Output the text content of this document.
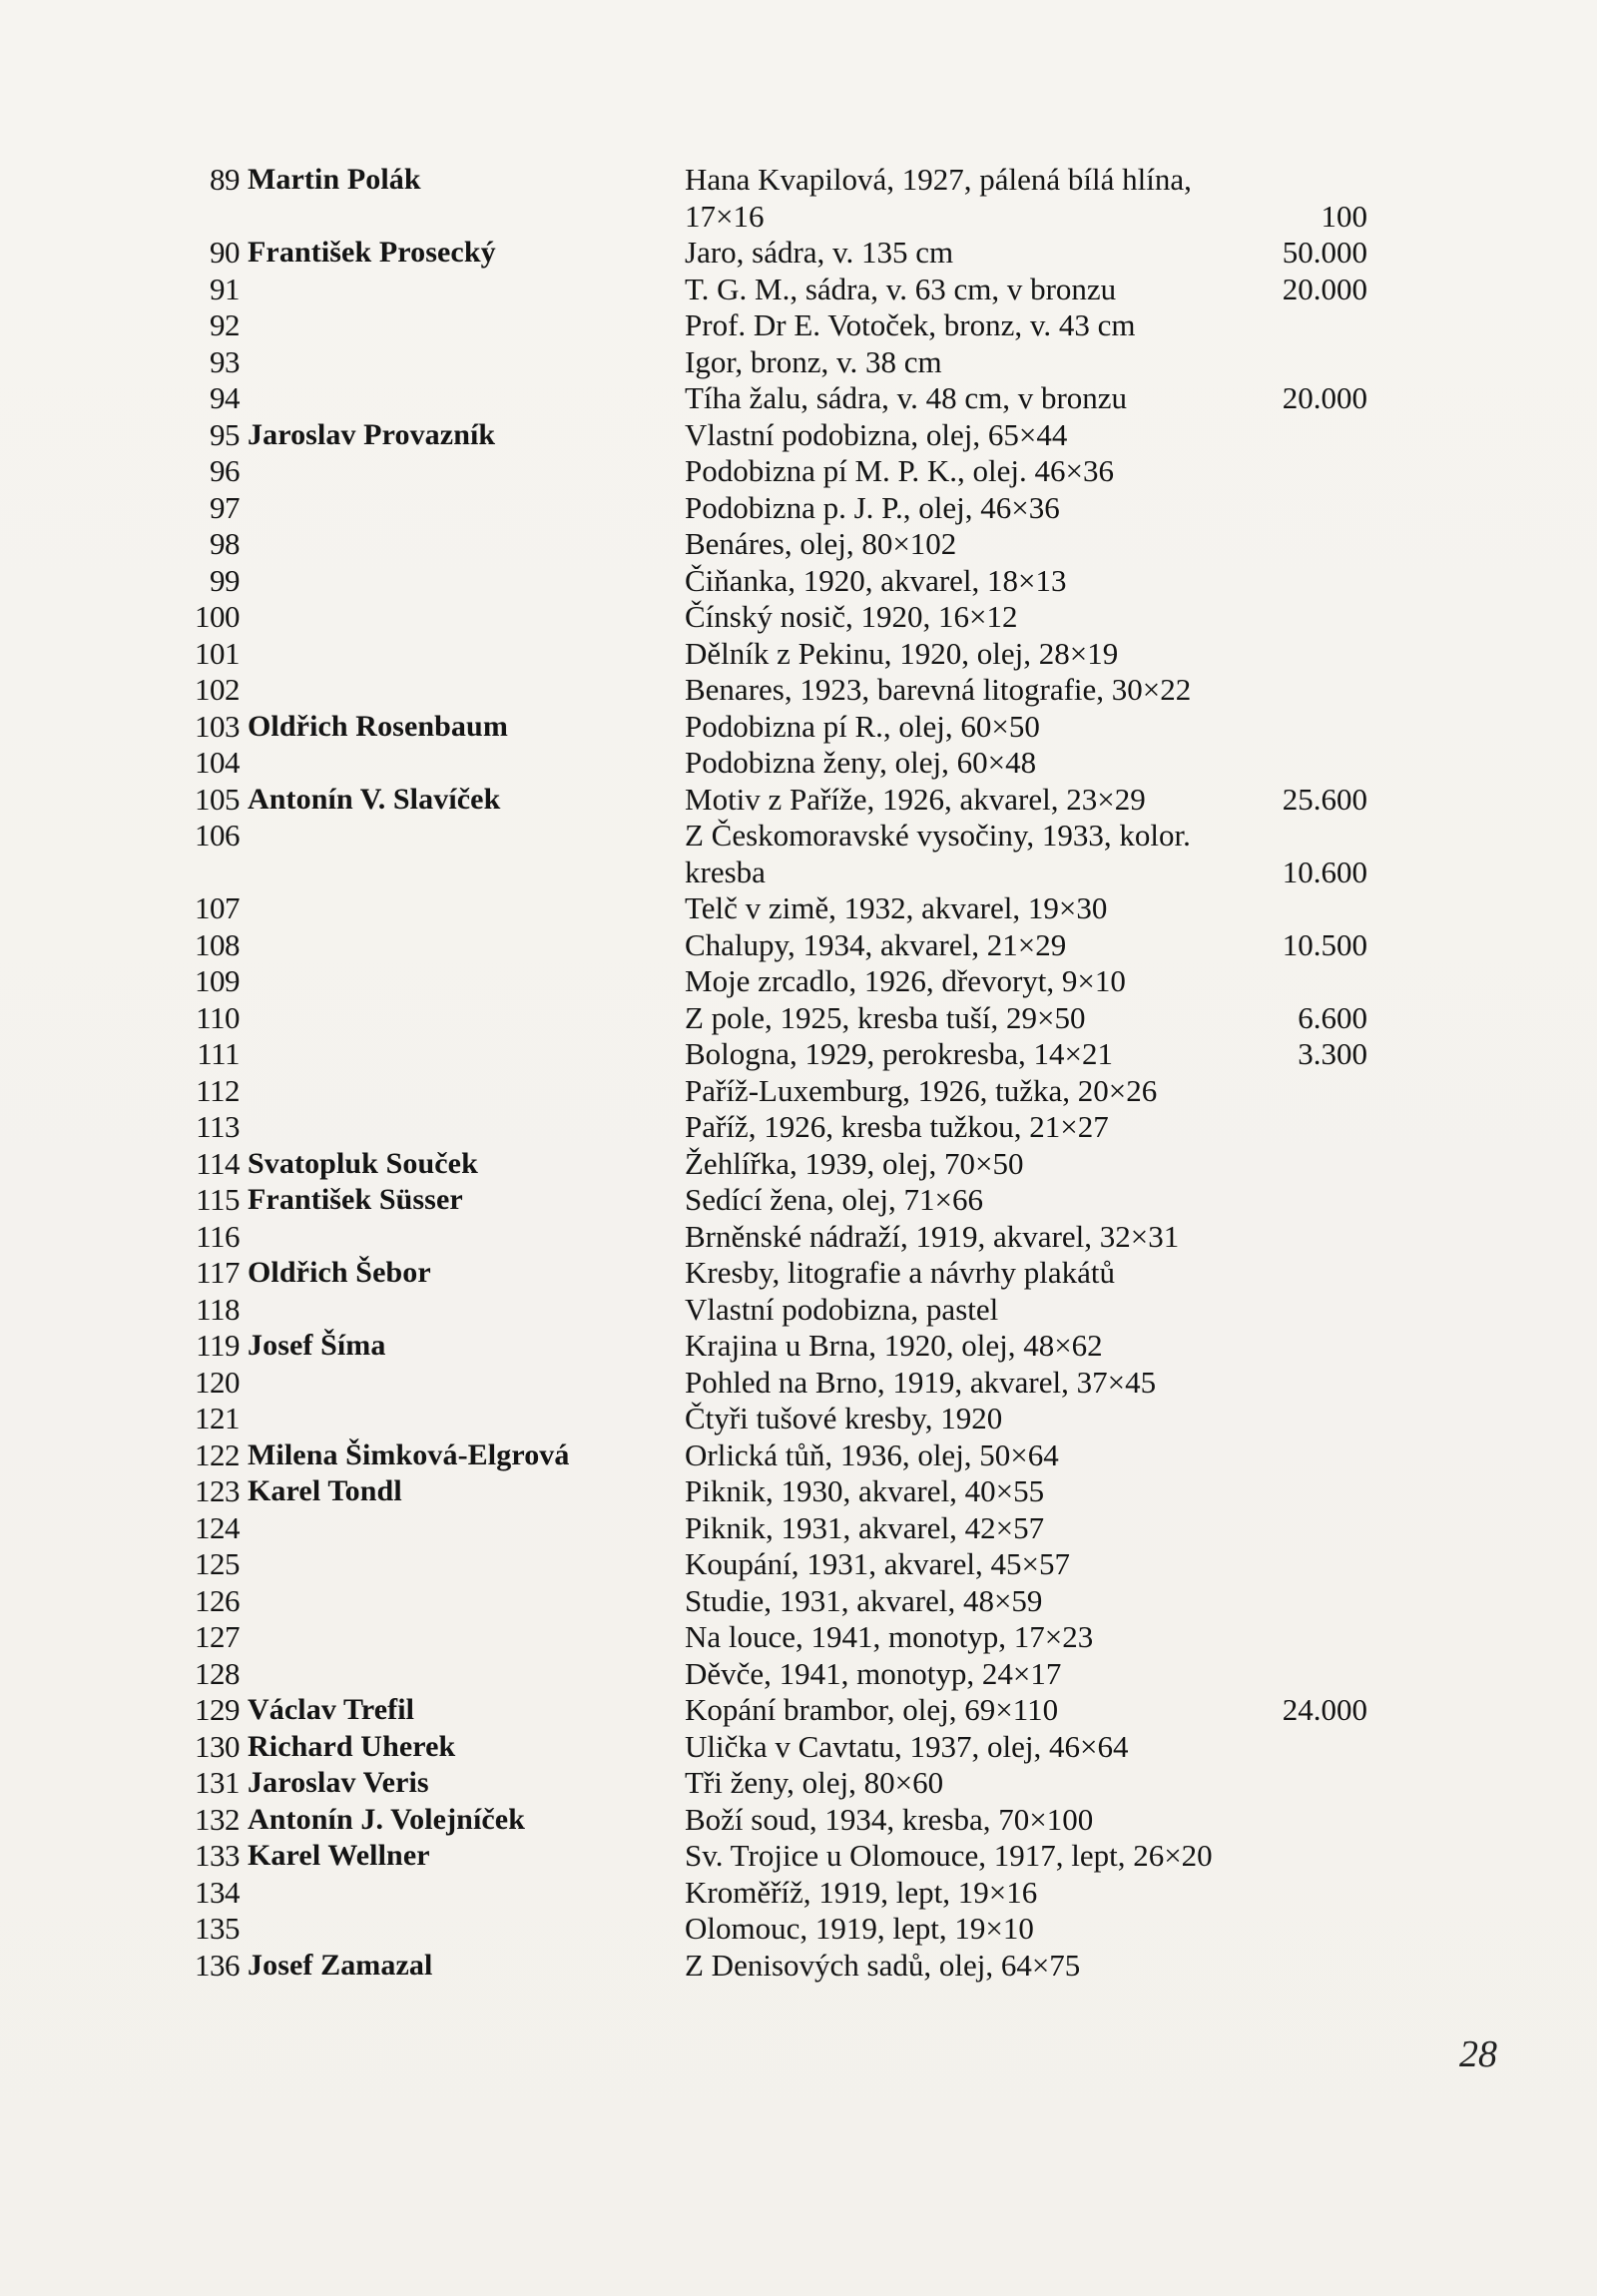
89 Martin Polák	Hana Kvapilová, 1927, pálená bílá hlína,
17×16	100
90 František Prosecký	Jaro, sádra, v. 135 cm	50.000
91	T. G. M., sádra, v. 63 cm, v bronzu	20.000
92	Prof. Dr E. Votoček, bronz, v. 43 cm
93	Igor, bronz, v. 38 cm
94	Tíha žalu, sádra, v. 48 cm, v bronzu	20.000
95 Jaroslav Provazník	Vlastní podobizna, olej, 65×44
96	Podobizna pí M. P. K., olej. 46×36
97	Podobizna p. J. P., olej, 46×36
98	Benáres, olej, 80×102
99	Čiňanka, 1920, akvarel, 18×13
100	Čínský nosič, 1920, 16×12
101	Dělník z Pekinu, 1920, olej, 28×19
102	Benares, 1923, barevná litografie, 30×22
103 Oldřich Rosenbaum	Podobizna pí R., olej, 60×50
104	Podobizna ženy, olej, 60×48
105 Antonín V. Slavíček	Motiv z Paříže, 1926, akvarel, 23×29	25.600
106	Z Českomoravské vysočiny, 1933, kolor.
kresba	10.600
107	Telč v zimě, 1932, akvarel, 19×30
108	Chalupy, 1934, akvarel, 21×29	10.500
109	Moje zrcadlo, 1926, dřevoryt, 9×10
110	Z pole, 1925, kresba tuší, 29×50	6.600
111	Bologna, 1929, perokresba, 14×21	3.300
112	Paříž-Luxemburg, 1926, tužka, 20×26
113	Paříž, 1926, kresba tužkou, 21×27
114 Svatopluk Souček	Žehlířka, 1939, olej, 70×50
115 František Süsser	Sedící žena, olej, 71×66
116	Brněnské nádraží, 1919, akvarel, 32×31
117 Oldřich Šebor	Kresby, litografie a návrhy plakátů
118	Vlastní podobizna, pastel
119 Josef Šíma	Krajina u Brna, 1920, olej, 48×62
120	Pohled na Brno, 1919, akvarel, 37×45
121	Čtyři tušové kresby, 1920
122 Milena Šimková-Elgrová	Orlická tůň, 1936, olej, 50×64
123 Karel Tondl	Piknik, 1930, akvarel, 40×55
124	Piknik, 1931, akvarel, 42×57
125	Koupání, 1931, akvarel, 45×57
126	Studie, 1931, akvarel, 48×59
127	Na louce, 1941, monotyp, 17×23
128	Děvče, 1941, monotyp, 24×17
129 Václav Trefil	Kopání brambor, olej, 69×110	24.000
130 Richard Uherek	Ulička v Cavtatu, 1937, olej, 46×64
131 Jaroslav Veris	Tři ženy, olej, 80×60
132 Antonín J. Volejníček	Boží soud, 1934, kresba, 70×100
133 Karel Wellner	Sv. Trojice u Olomouce, 1917, lept, 26×20
134	Kroměříž, 1919, lept, 19×16
135	Olomouc, 1919, lept, 19×10
136 Josef Zamazal	Z Denisových sadů, olej, 64×75
28
